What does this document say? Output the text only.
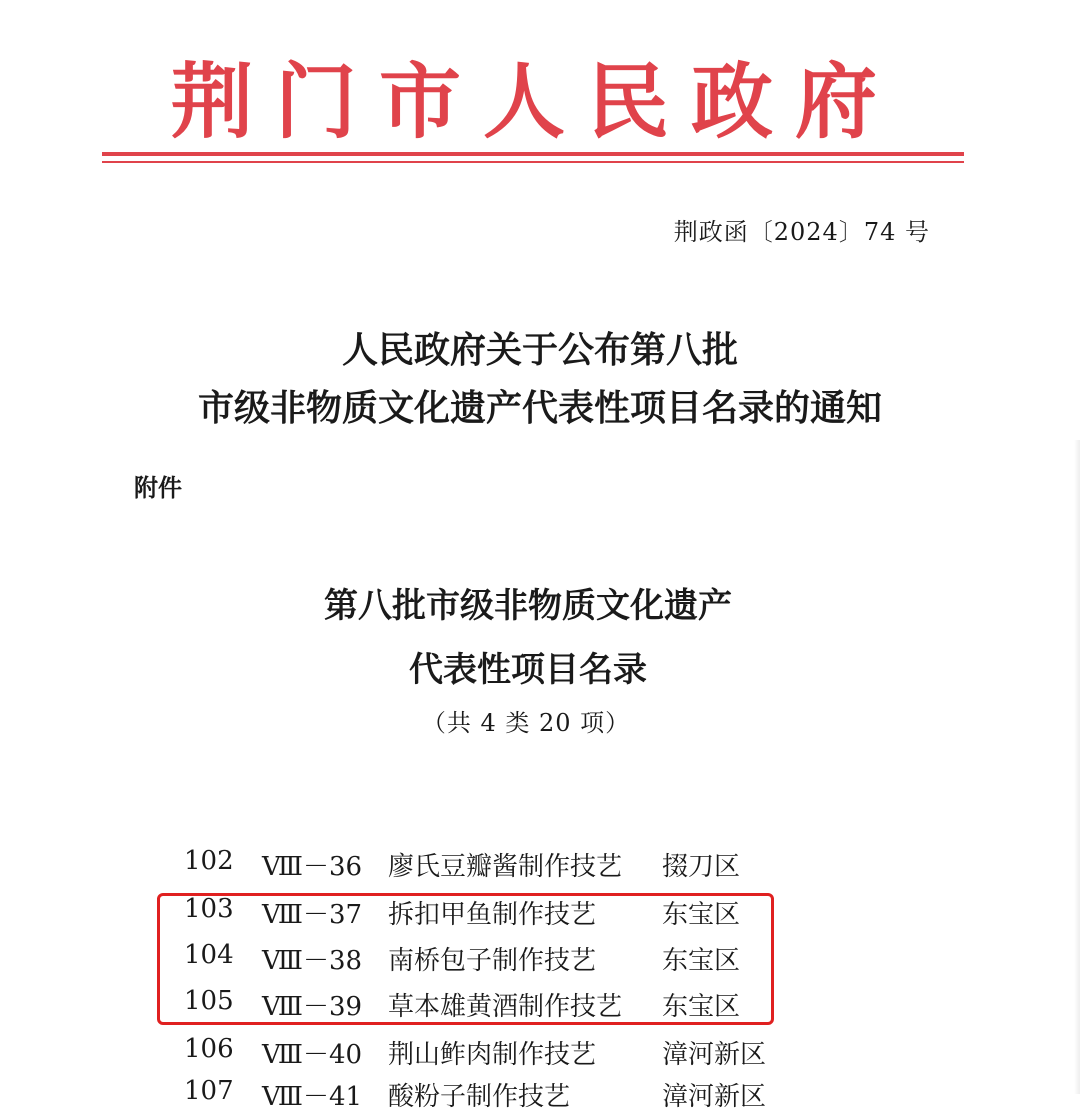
荆门市人民政府
荆政函〔2024〕74 号
人民政府关于公布第八批
市级非物质文化遗产代表性项目名录的通知
附件
第八批市级非物质文化遗产
代表性项目名录
（共 4 类 20 项）
102 Ⅷ－36 廖氏豆瓣酱制作技艺 掇刀区
103 Ⅷ－37 拆扣甲鱼制作技艺	东宝区
104 Ⅷ－38 南桥包子制作技艺	东宝区
105 Ⅷ－39 草本雄黄酒制作技艺 东宝区
106 Ⅷ－40 荆山鲊肉制作技艺	漳河新区
107 Ⅷ－41 酸粉子制作技艺	漳河新区
